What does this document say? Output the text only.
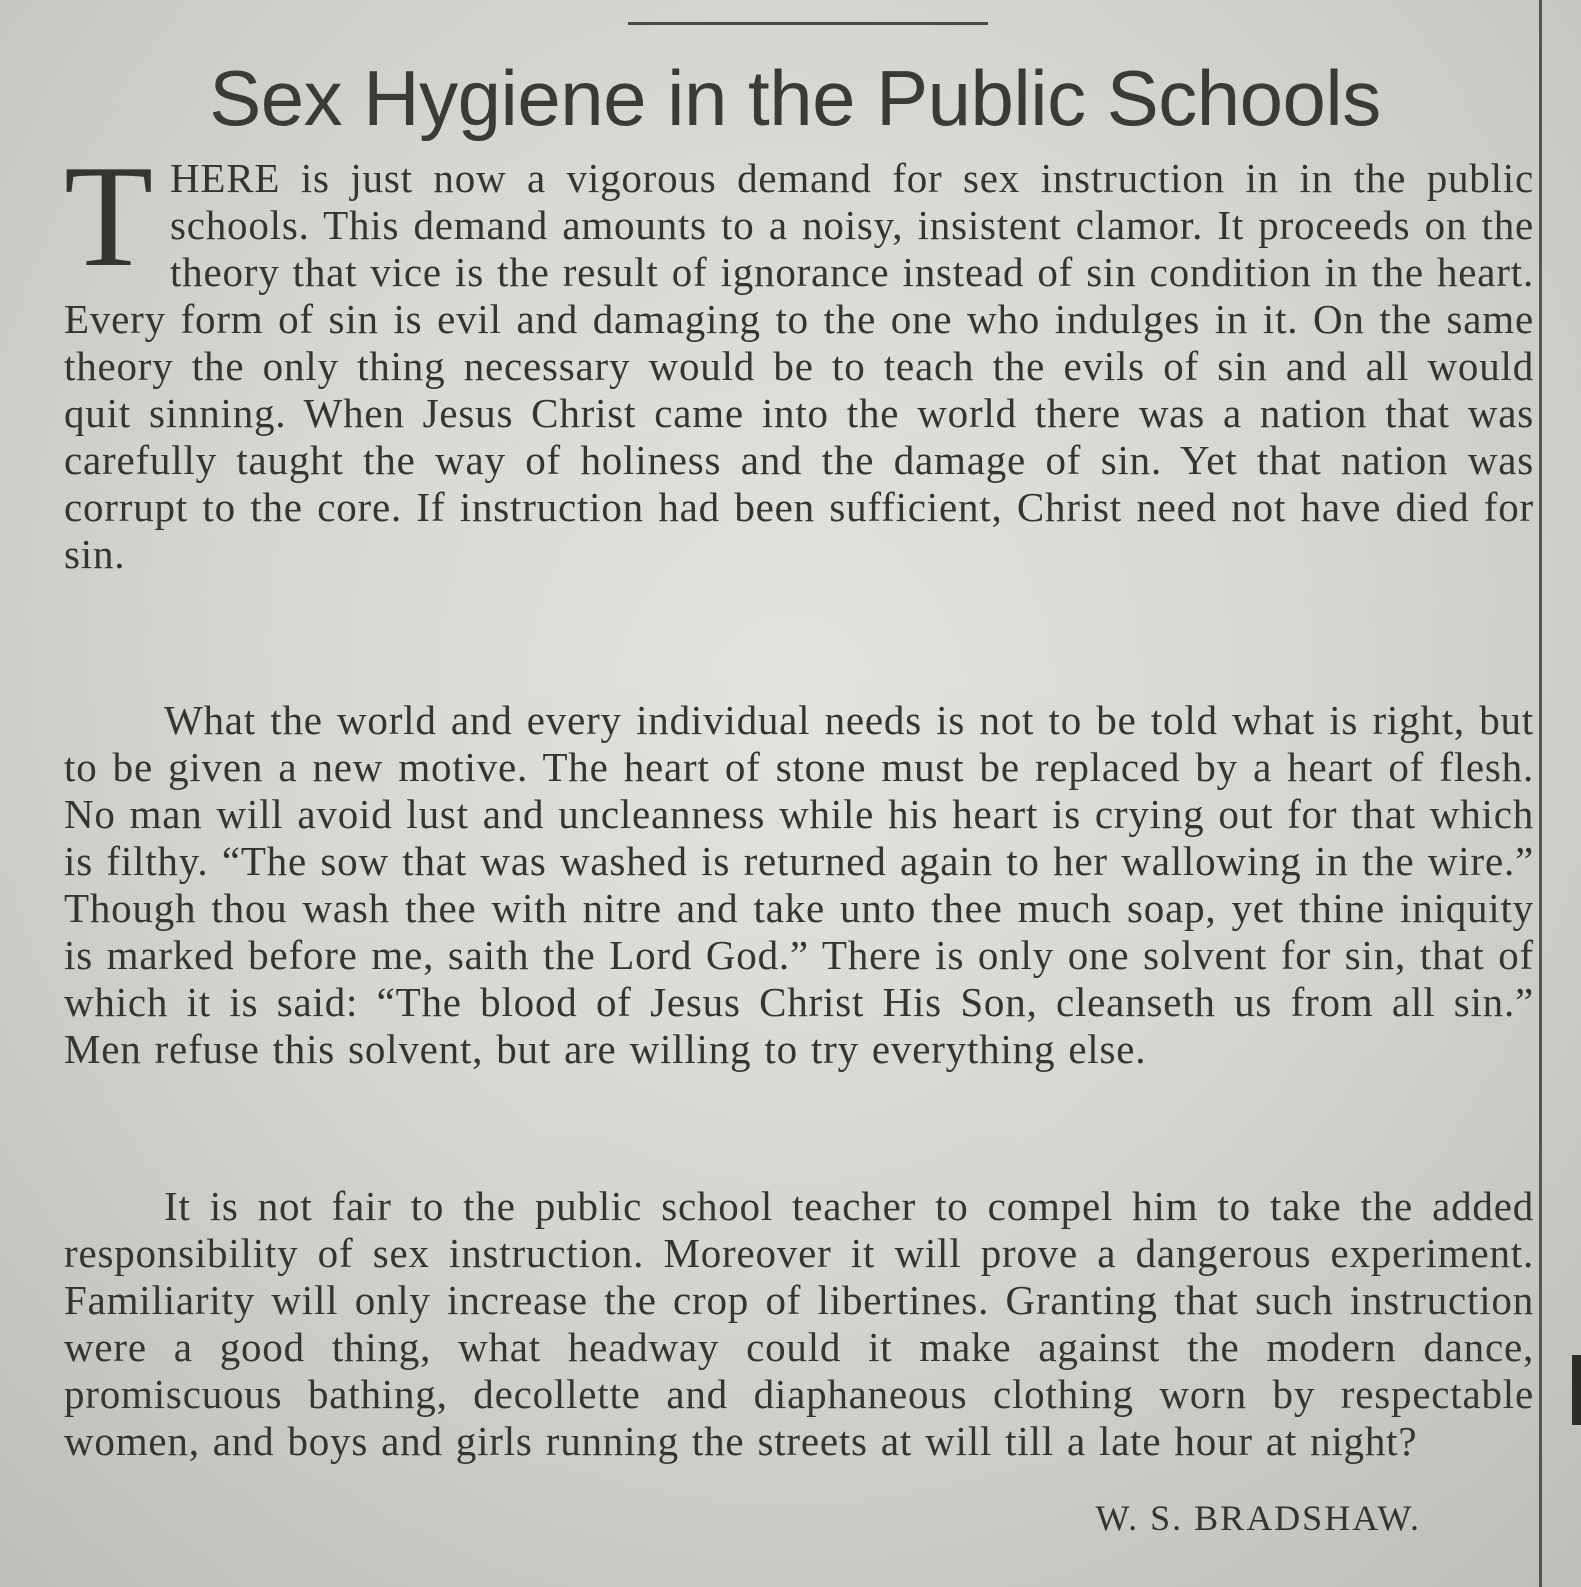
Sex Hygiene in the Public Schools
T HERE is just now a vigorous demand for sex instruction in in the public schools. This demand amounts to a noisy, insistent clamor. It proceeds on the theory that vice is the result of ignorance instead of sin condition in the heart. Every form of sin is evil and damaging to the one who indulges in it. On the same theory the only thing necessary would be to teach the evils of sin and all would quit sinning. When Jesus Christ came into the world there was a nation that was carefully taught the way of holiness and the damage of sin. Yet that nation was corrupt to the core. If instruction had been sufficient, Christ need not have died for sin.
What the world and every individual needs is not to be told what is right, but to be given a new motive. The heart of stone must be replaced by a heart of flesh. No man will avoid lust and uncleanness while his heart is crying out for that which is filthy. “The sow that was washed is returned again to her wallowing in the wire.” Though thou wash thee with nitre and take unto thee much soap, yet thine iniquity is marked before me, saith the Lord God.” There is only one solvent for sin, that of which it is said: “The blood of Jesus Christ His Son, cleanseth us from all sin.” Men refuse this solvent, but are willing to try everything else.
It is not fair to the public school teacher to compel him to take the added responsibility of sex instruction. Moreover it will prove a dangerous experiment. Familiarity will only increase the crop of libertines. Granting that such instruction were a good thing, what headway could it make against the modern dance, promiscuous bathing, decollette and diaphaneous clothing worn by respectable women, and boys and girls running the streets at will till a late hour at night?
W. S. BRADSHAW.
